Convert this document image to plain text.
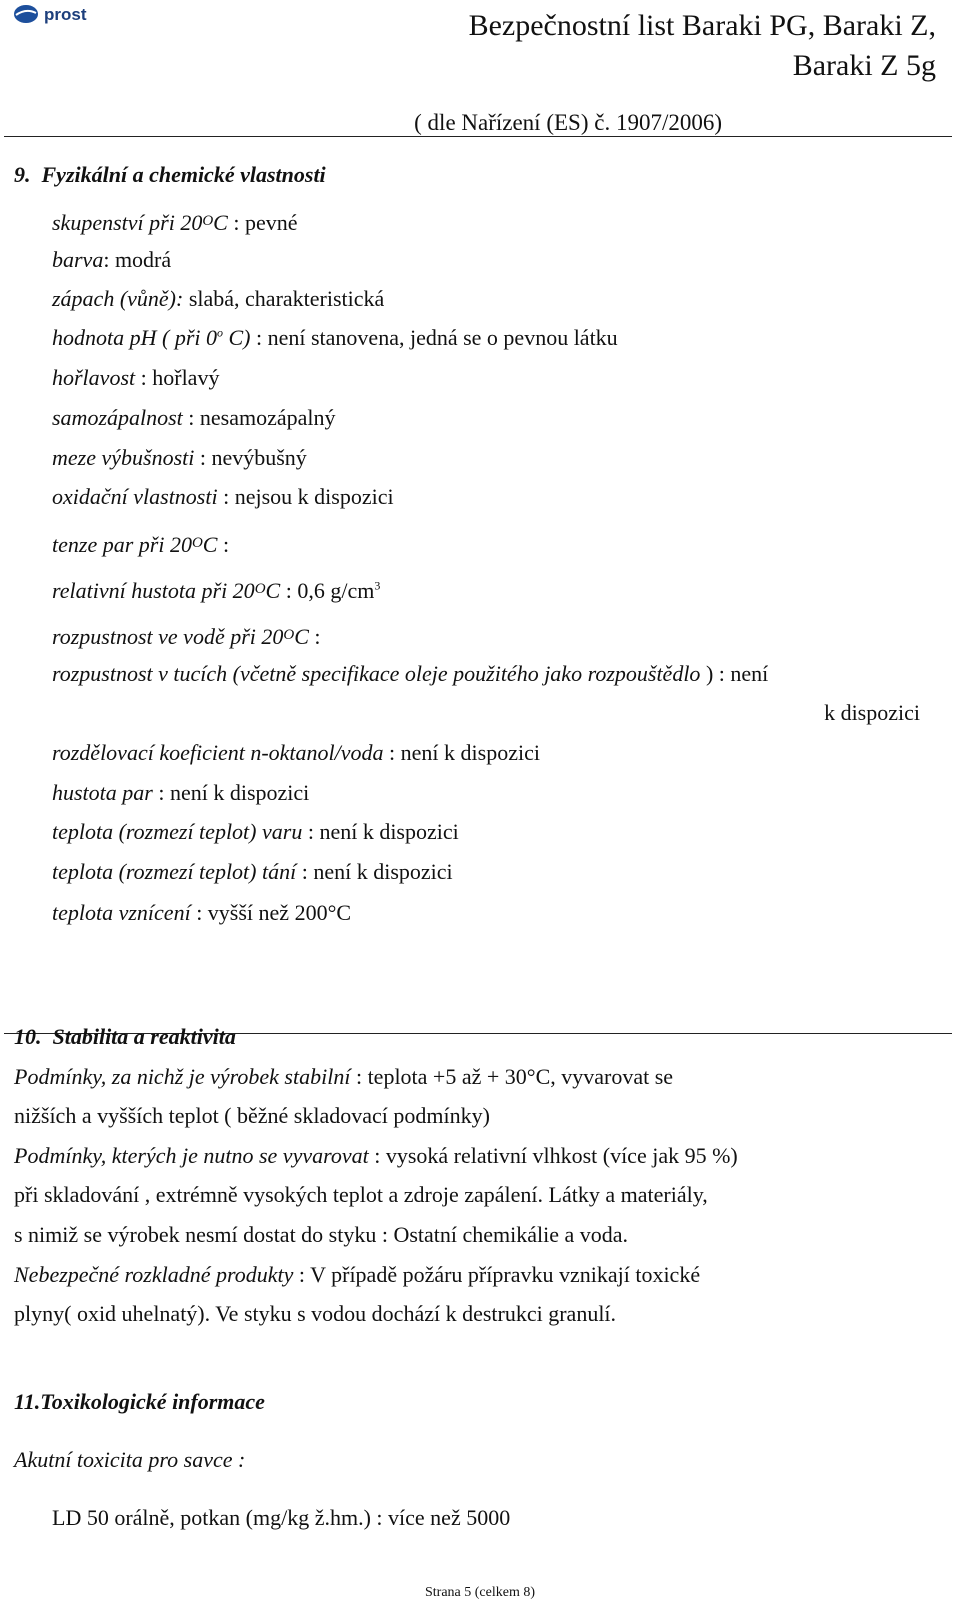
prost	Bezpečnostní list Baraki PG, Baraki Z,
Baraki Z 5g
( dle Nařízení (ES) č. 1907/2006)
9. Fyzikální a chemické vlastnosti
skupenství při $20^OC$ : pevné
barva: modrá
zápach (vůně): slabá, charakteristická
hodnota pH ( při 0$^o$ C) : není stanovena, jedná se o pevnou látku
hořlavost : hořlavý
samozápalnost : nesamozápalný
meze výbušnosti : nevýbušný
oxidační vlastnosti : nejsou k dispozici
tenze par při $20^OC$ :
relativní hustota při $20^OC$ : 0,6 $g/cm^3$
rozpustnost ve vodě při $20^OC$ :
rozpustnost v tucích (včetně specifikace oleje použitého jako rozpouštědlo ) : není
k dispozici
rozdělovací koeficient n-oktanol/voda : není k dispozici
hustota par : není k dispozici
teplota (rozmezí teplot) varu : není k dispozici
teplota (rozmezí teplot) tání : není k dispozici
teplota vznícení : vyšší než 200°C
10. Stabilita a reaktivita
Podmínky, za nichž je výrobek stabilní : teplota +5 až + 30°C, vyvarovat se
nižších a vyšších teplot ( běžné skladovací podmínky)
Podmínky, kterých je nutno se vyvarovat : vysoká relativní vlhkost (více jak 95 %)
při skladování , extrémně vysokých teplot a zdroje zapálení. Látky a materiály,
s nimiž se výrobek nesmí dostat do styku : Ostatní chemikálie a voda.
Nebezpečné rozkladné produkty : V případě požáru přípravku vznikají toxické
plyny( oxid uhelnatý). Ve styku s vodou dochází k destrukci granulí.
11.Toxikologické informace
Akutní toxicita pro savce :
LD 50 orálně, potkan (mg/kg ž.hm.) : více než 5000
Strana 5 (celkem 8)
